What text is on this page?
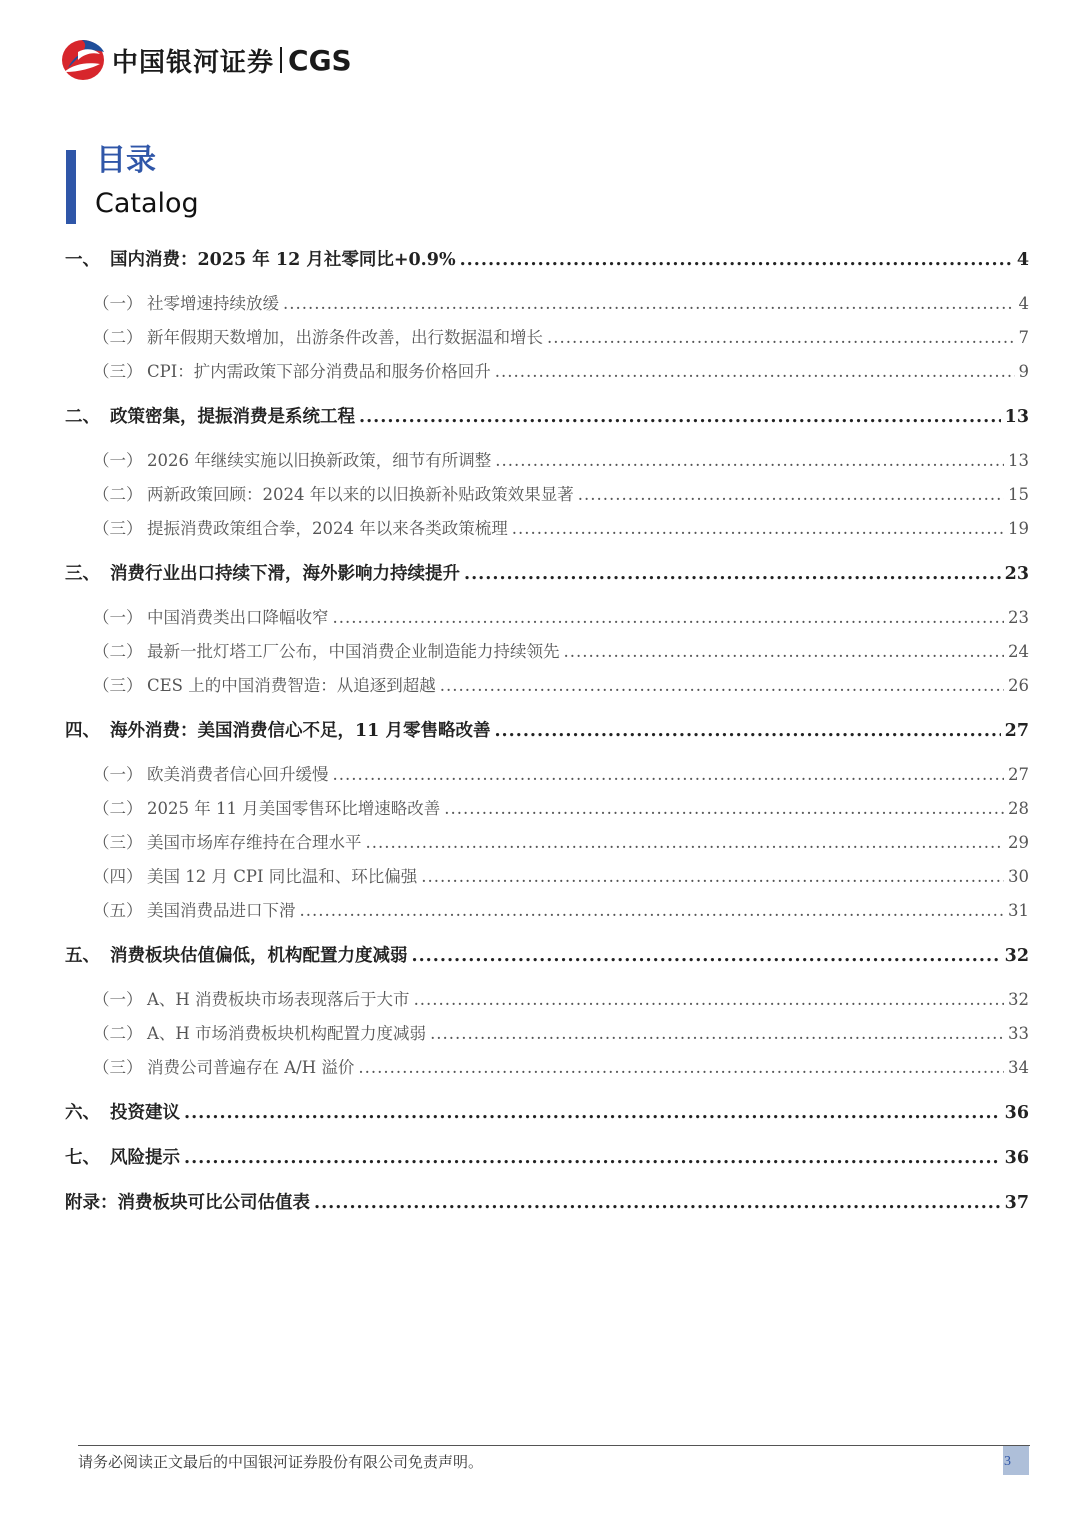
中国银河证券 CGS
目录
Catalog
一、 国内消费：2025 年 12 月社零同比+0.9% .....	4
（一） 社零增速持续放缓 .....	4
（二） 新年假期天数增加，出游条件改善，出行数据温和增长 .....	7
（三） CPI：扩内需政策下部分消费品和服务价格回升 .....	9
二、 政策密集，提振消费是系统工程 .....	13
（一） 2026 年继续实施以旧换新政策，细节有所调整 .....	13
（二） 两新政策回顾：2024 年以来的以旧换新补贴政策效果显著 .....	15
（三） 提振消费政策组合拳，2024 年以来各类政策梳理 .....	19
三、 消费行业出口持续下滑，海外影响力持续提升 .....	23
（一） 中国消费类出口降幅收窄 .....	23
（二） 最新一批灯塔工厂公布，中国消费企业制造能力持续领先 .....	24
（三） CES 上的中国消费智造：从追逐到超越 .....	26
四、 海外消费：美国消费信心不足，11 月零售略改善 .....	27
（一） 欧美消费者信心回升缓慢 .....	27
（二） 2025 年 11 月美国零售环比增速略改善 .....	28
（三） 美国市场库存维持在合理水平 .....	29
（四） 美国 12 月 CPI 同比温和、环比偏强 .....	30
（五） 美国消费品进口下滑 .....	31
五、 消费板块估值偏低，机构配置力度减弱 .....	32
（一） A、H 消费板块市场表现落后于大市 .....	32
（二） A、H 市场消费板块机构配置力度减弱 .....	33
（三） 消费公司普遍存在 A/H 溢价 .....	34
六、 投资建议 .....	36
七、 风险提示 .....	36
附录：消费板块可比公司估值表 .....	37
请务必阅读正文最后的中国银河证券股份有限公司免责声明。	3
